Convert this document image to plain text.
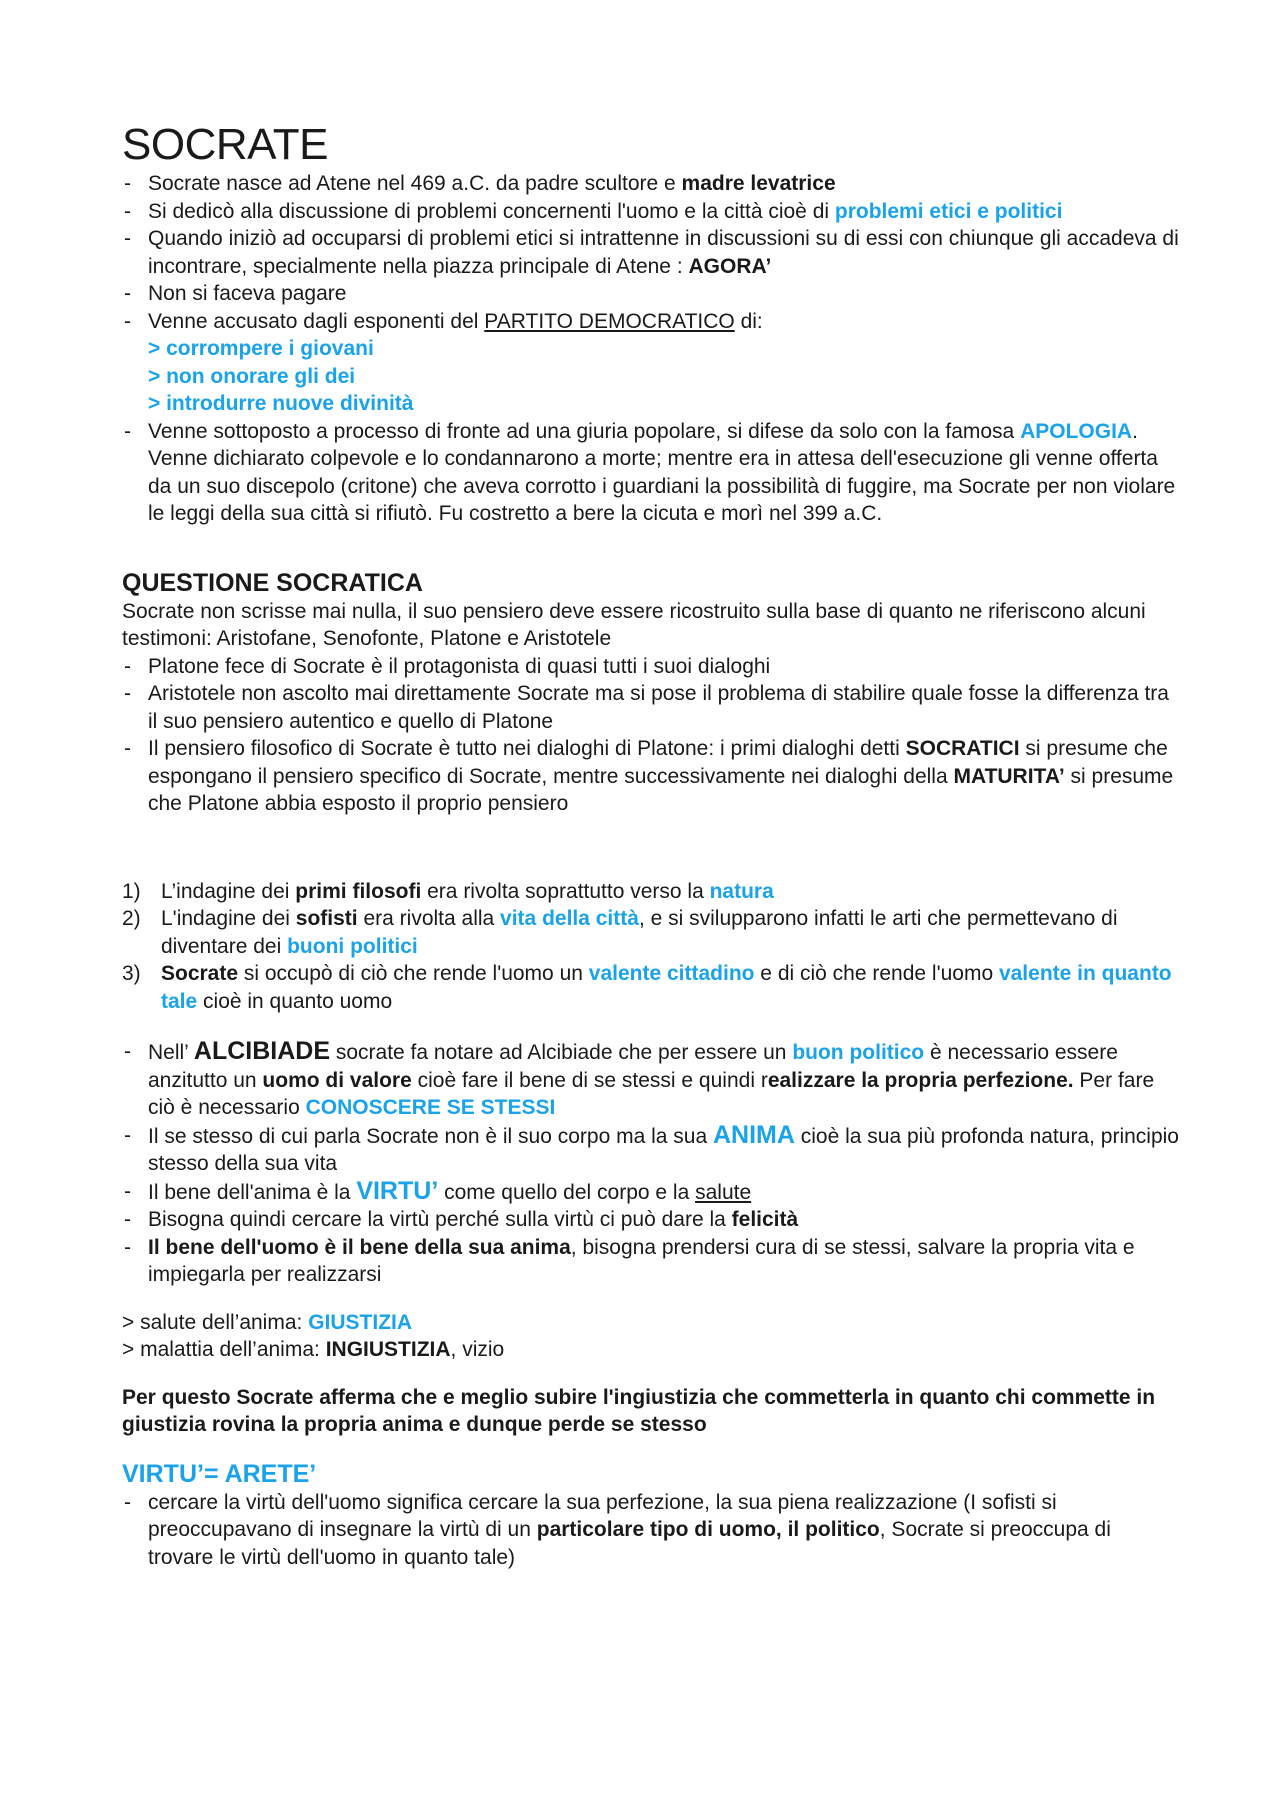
SOCRATE
- Socrate nasce ad Atene nel 469 a.C. da padre scultore e madre levatrice
- Si dedicò alla discussione di problemi concernenti l'uomo e la città cioè di problemi etici e politici
- Quando iniziò ad occuparsi di problemi etici si intrattenne in discussioni su di essi con chiunque gli accadeva di incontrare, specialmente nella piazza principale di Atene : AGORA’
- Non si faceva pagare
- Venne accusato dagli esponenti del PARTITO DEMOCRATICO di:
> corrompere i giovani
> non onorare gli dei
> introdurre nuove divinità
- Venne sottoposto a processo di fronte ad una giuria popolare, si difese da solo con la famosa APOLOGIA. Venne dichiarato colpevole e lo condannarono a morte; mentre era in attesa dell'esecuzione gli venne offerta da un suo discepolo (critone) che aveva corrotto i guardiani la possibilità di fuggire, ma Socrate per non violare le leggi della sua città si rifiutò. Fu costretto a bere la cicuta e morì nel 399 a.C.
QUESTIONE SOCRATICA

Socrate non scrisse mai nulla, il suo pensiero deve essere ricostruito sulla base di quanto ne riferiscono alcuni testimoni: Aristofane, Senofonte, Platone e Aristotele

- Platone fece di Socrate è il protagonista di quasi tutti i suoi dialoghi
- Aristotele non ascolto mai direttamente Socrate ma si pose il problema di stabilire quale fosse la differenza tra il suo pensiero autentico e quello di Platone
- Il pensiero filosofico di Socrate è tutto nei dialoghi di Platone: i primi dialoghi detti SOCRATICI si presume che espongano il pensiero specifico di Socrate, mentre successivamente nei dialoghi della MATURITA’ si presume che Platone abbia esposto il proprio pensiero
1) L’indagine dei primi filosofi era rivolta soprattutto verso la natura
2) L'indagine dei sofisti era rivolta alla vita della città, e si svilupparono infatti le arti che permettevano di diventare dei buoni politici
3) Socrate si occupò di ciò che rende l'uomo un valente cittadino e di ciò che rende l'uomo valente in quanto tale cioè in quanto uomo
- Nell’ ALCIBIADE socrate fa notare ad Alcibiade che per essere un buon politico è necessario essere anzitutto un uomo di valore cioè fare il bene di se stessi e quindi realizzare la propria perfezione. Per fare ciò è necessario CONOSCERE SE STESSI
- Il se stesso di cui parla Socrate non è il suo corpo ma la sua ANIMA cioè la sua più profonda natura, principio stesso della sua vita
- Il bene dell'anima è la VIRTU’ come quello del corpo e la salute
- Bisogna quindi cercare la virtù perché sulla virtù ci può dare la felicità
- Il bene dell'uomo è il bene della sua anima, bisogna prendersi cura di se stessi, salvare la propria vita e impiegarla per realizzarsi

> salute dell’anima: GIUSTIZIA

> malattia dell’anima: INGIUSTIZIA, vizio

Per questo Socrate afferma che e meglio subire l'ingiustizia che commetterla in quanto chi commette in giustizia rovina la propria anima e dunque perde se stesso

VIRTU’= ARETE’
- cercare la virtù dell'uomo significa cercare la sua perfezione, la sua piena realizzazione (I sofisti si preoccupavano di insegnare la virtù di un particolare tipo di uomo, il politico, Socrate si preoccupa di trovare le virtù dell'uomo in quanto tale)
